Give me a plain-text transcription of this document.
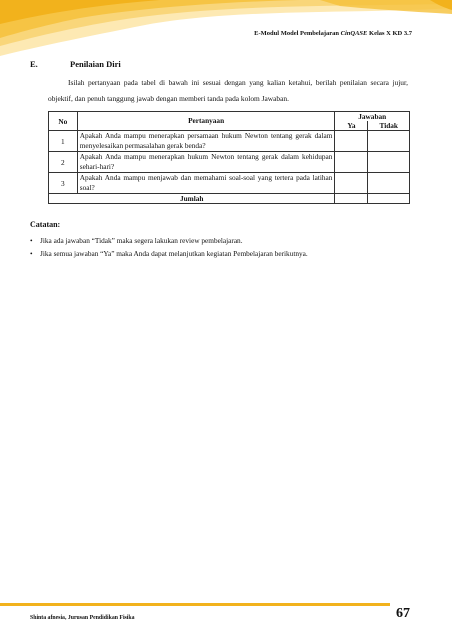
E-Modul Model Pembelajaran CinQASE Kelas X KD 3.7
E.	Penilaian Diri
Isilah pertanyaan pada tabel di bawah ini sesuai dengan yang kalian ketahui, berilah penilaian secara jujur, objektif, dan penuh tanggung jawab dengan memberi tanda pada kolom Jawaban.
No	Pertanyaan	Jawaban	
		Ya	Tidak
1	Apakah Anda mampu menerapkan persamaan hukum Newton tentang gerak dalam menyelesaikan permasalahan gerak benda?		
2	Apakah Anda mampu menerapkan hukum Newton tentang gerak dalam kehidupan sehari-hari?		
3	Apakah Anda mampu menjawab dan memahami soal-soal yang tertera pada latihan soal?		
Jumlah			
Catatan:
• Jika ada jawaban “Tidak” maka segera lakukan review pembelajaran.
• Jika semua jawaban “Ya” maka Anda dapat melanjutkan kegiatan Pembelajaran berikutnya.
Shinta afnesia, Jurusan Pendidikan Fisika	67
